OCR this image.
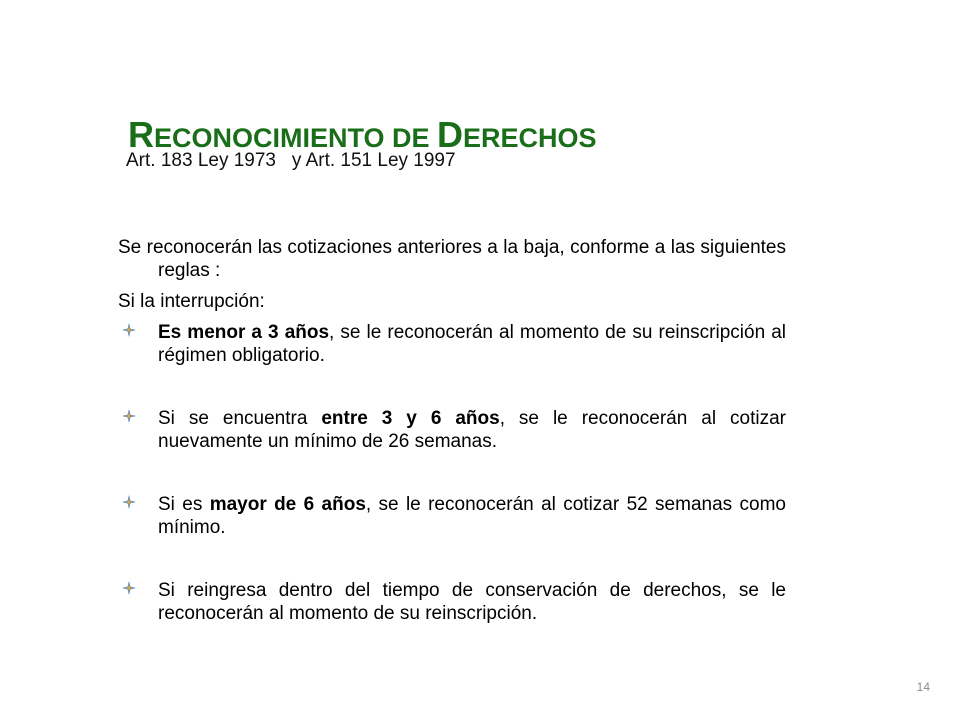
RECONOCIMIENTO DE DERECHOS
Art. 183 Ley 1973   y Art. 151 Ley 1997

Se reconocerán las cotizaciones anteriores a la baja, conforme a las siguientes reglas :

Si la interrupción:

Es menor a 3 años, se le reconocerán al momento de su reinscripción al régimen obligatorio.
Si se encuentra entre 3 y 6 años, se le reconocerán al cotizar nuevamente un mínimo de 26 semanas.
Si es mayor de 6 años, se le reconocerán al cotizar 52 semanas como mínimo.
Si reingresa dentro del tiempo de conservación de derechos, se le reconocerán al momento de su reinscripción.
14
